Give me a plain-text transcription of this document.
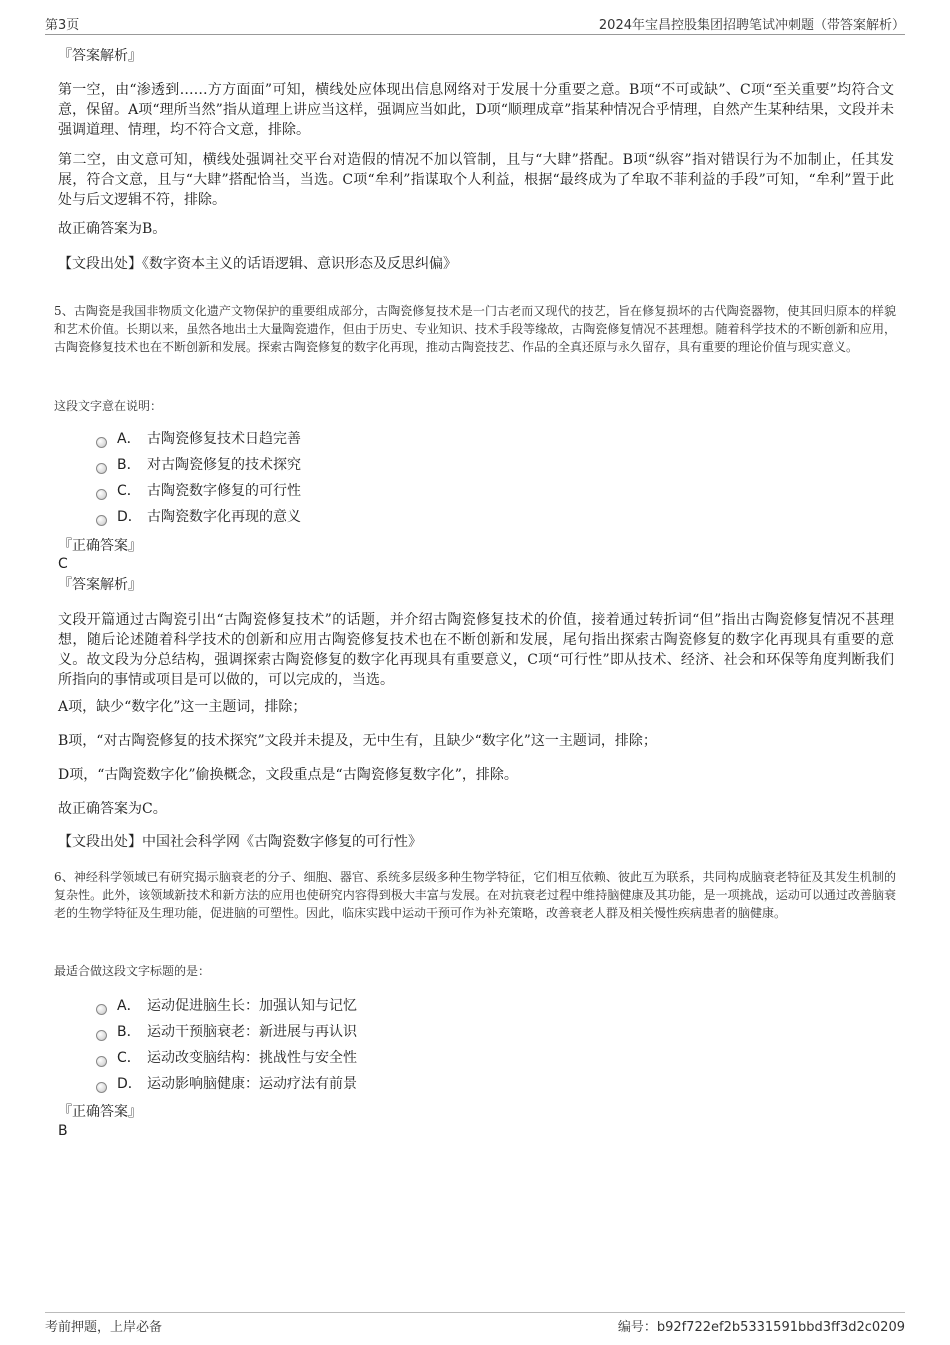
第3页	2024年宝昌控股集团招聘笔试冲刺题（带答案解析）

『答案解析』

第一空，由“渗透到……方方面面”可知，横线处应体现出信息网络对于发展十分重要之意。B项“不可或缺”、C项“至关重要”均符合文意，保留。A项“理所当然”指从道理上讲应当这样，强调应当如此，D项“顺理成章”指某种情况合乎情理，自然产生某种结果，文段并未强调道理、情理，均不符合文意，排除。

第二空，由文意可知，横线处强调社交平台对造假的情况不加以管制，且与“大肆”搭配。B项“纵容”指对错误行为不加制止，任其发展，符合文意，且与“大肆”搭配恰当，当选。C项“牟利”指谋取个人利益，根据“最终成为了牟取不菲利益的手段”可知，“牟利”置于此处与后文逻辑不符，排除。

故正确答案为B。

【文段出处】《数字资本主义的话语逻辑、意识形态及反思纠偏》

5、古陶瓷是我国非物质文化遗产文物保护的重要组成部分，古陶瓷修复技术是一门古老而又现代的技艺，旨在修复损坏的古代陶瓷器物，使其回归原本的样貌和艺术价值。长期以来，虽然各地出土大量陶瓷遗作，但由于历史、专业知识、技术手段等缘故，古陶瓷修复情况不甚理想。随着科学技术的不断创新和应用，古陶瓷修复技术也在不断创新和发展。探索古陶瓷修复的数字化再现，推动古陶瓷技艺、作品的全真还原与永久留存，具有重要的理论价值与现实意义。

这段文字意在说明：

A． 古陶瓷修复技术日趋完善
B． 对古陶瓷修复的技术探究
C． 古陶瓷数字修复的可行性
D． 古陶瓷数字化再现的意义

『正确答案』

C

『答案解析』

文段开篇通过古陶瓷引出“古陶瓷修复技术”的话题，并介绍古陶瓷修复技术的价值，接着通过转折词“但”指出古陶瓷修复情况不甚理想，随后论述随着科学技术的创新和应用古陶瓷修复技术也在不断创新和发展，尾句指出探索古陶瓷修复的数字化再现具有重要的意义。故文段为分总结构，强调探索古陶瓷修复的数字化再现具有重要意义，C项“可行性”即从技术、经济、社会和环保等角度判断我们所指向的事情或项目是可以做的，可以完成的，当选。

A项，缺少“数字化”这一主题词，排除；

B项，“对古陶瓷修复的技术探究”文段并未提及，无中生有，且缺少“数字化”这一主题词，排除；

D项，“古陶瓷数字化”偷换概念，文段重点是“古陶瓷修复数字化”，排除。

故正确答案为C。

【文段出处】中国社会科学网《古陶瓷数字修复的可行性》

6、神经科学领域已有研究揭示脑衰老的分子、细胞、器官、系统多层级多种生物学特征，它们相互依赖、彼此互为联系，共同构成脑衰老特征及其发生机制的复杂性。此外，该领域新技术和新方法的应用也使研究内容得到极大丰富与发展。在对抗衰老过程中维持脑健康及其功能，是一项挑战，运动可以通过改善脑衰老的生物学特征及生理功能，促进脑的可塑性。因此，临床实践中运动干预可作为补充策略，改善衰老人群及相关慢性疾病患者的脑健康。

最适合做这段文字标题的是：

A． 运动促进脑生长：加强认知与记忆
B． 运动干预脑衰老：新进展与再认识
C． 运动改变脑结构：挑战性与安全性
D． 运动影响脑健康：运动疗法有前景

『正确答案』

B

考前押题，上岸必备	编号：b92f722ef2b5331591bbd3ff3d2c0209
